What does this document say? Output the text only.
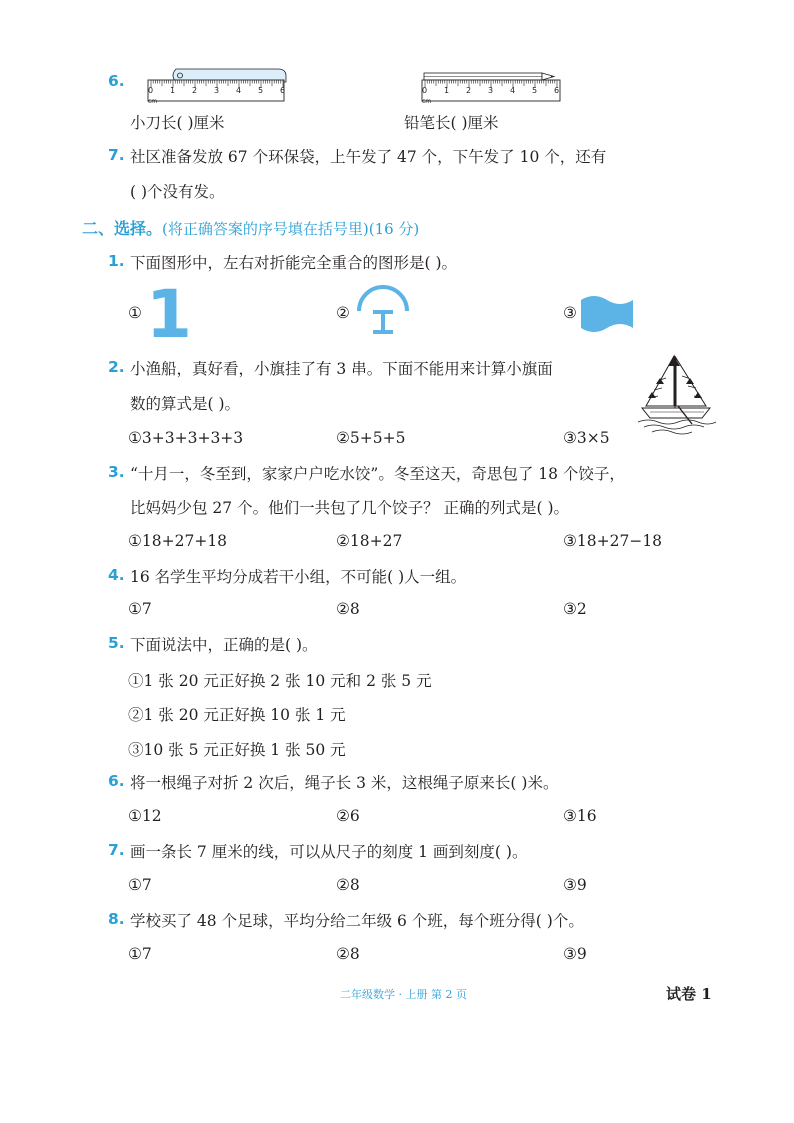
6.
cm
0 1 2 3 4 5 6
cm
0 1 2 3 4 5 6
小刀长( )厘米	铅笔长( )厘米
7. 社区准备发放 67 个环保袋，上午发了 47 个，下午发了 10 个，还有
( )个没有发。
二、选择。(将正确答案的序号填在括号里)(16 分)
1. 下面图形中，左右对折能完全重合的图形是( )。
① 1	②	③
2. 小渔船，真好看，小旗挂了有 3 串。下面不能用来计算小旗面
数的算式是( )。
①3+3+3+3+3	②5+5+5	③3×5
3. “十月一，冬至到，家家户户吃水饺”。冬至这天，奇思包了 18 个饺子，
比妈妈少包 27 个。他们一共包了几个饺子？ 正确的列式是( )。
①18+27+18	②18+27	③18+27−18
4. 16 名学生平均分成若干小组，不可能( )人一组。
①7	②8	③2
5. 下面说法中，正确的是( )。
①1 张 20 元正好换 2 张 10 元和 2 张 5 元
②1 张 20 元正好换 10 张 1 元
③10 张 5 元正好换 1 张 50 元
6. 将一根绳子对折 2 次后，绳子长 3 米，这根绳子原来长( )米。
①12	②6	③16
7. 画一条长 7 厘米的线，可以从尺子的刻度 1 画到刻度( )。
①7	②8	③9
8. 学校买了 48 个足球，平均分给二年级 6 个班，每个班分得( )个。
①7	②8	③9
二年级数学 · 上册 第 2 页	试卷 1
